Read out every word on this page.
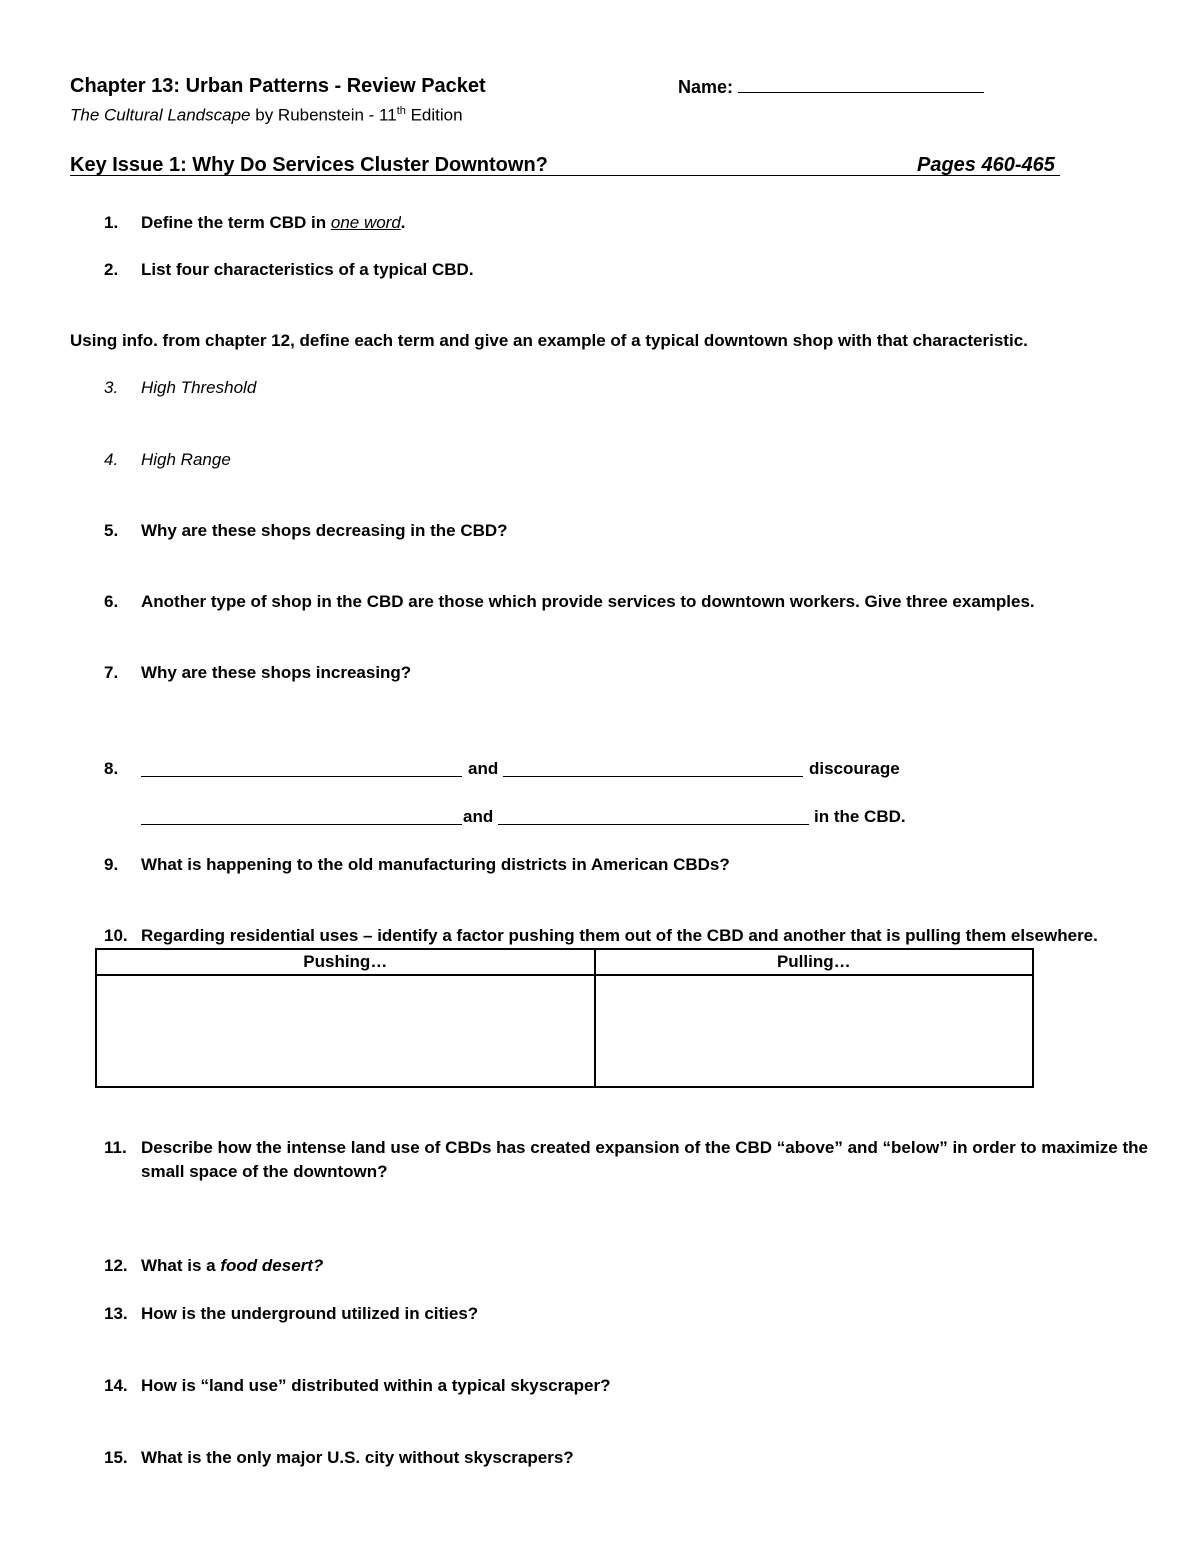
Chapter 13: Urban Patterns - Review Packet	Name:
The Cultural Landscape by Rubenstein - 11th Edition
Key Issue 1: Why Do Services Cluster Downtown?	Pages 460-465
1.	Define the term CBD in one word.
2.	List four characteristics of a typical CBD.
Using info. from chapter 12, define each term and give an example of a typical downtown shop with that characteristic.
3.	High Threshold
4.	High Range
5.	Why are these shops decreasing in the CBD?
6.	Another type of shop in the CBD are those which provide services to downtown workers. Give three examples.
7.	Why are these shops increasing?
8.	and	discourage
and	in the CBD.
9.	What is happening to the old manufacturing districts in American CBDs?
10. Regarding residential uses – identify a factor pushing them out of the CBD and another that is pulling them elsewhere.
Pushing…	Pulling…

11. Describe how the intense land use of CBDs has created expansion of the CBD “above” and “below” in order to maximize the
small space of the downtown?
12. What is a food desert?
13. How is the underground utilized in cities?
14. How is “land use” distributed within a typical skyscraper?
15. What is the only major U.S. city without skyscrapers?
